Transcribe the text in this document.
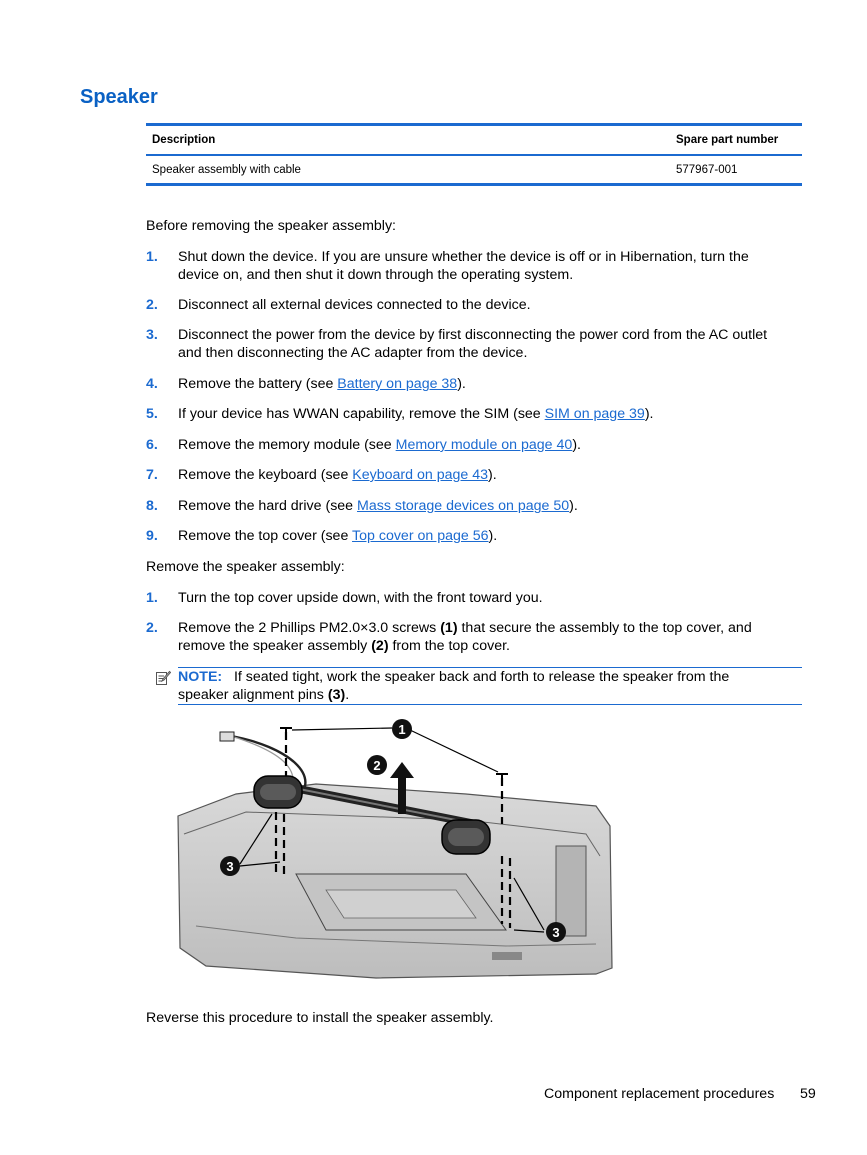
Speaker
Description	Spare part number
Speaker assembly with cable	577967-001
Before removing the speaker assembly:
1. Shut down the device. If you are unsure whether the device is off or in Hibernation, turn the
device on, and then shut it down through the operating system.
2. Disconnect all external devices connected to the device.
3. Disconnect the power from the device by first disconnecting the power cord from the AC outlet
and then disconnecting the AC adapter from the device.
4. Remove the battery (see Battery on page 38).
5. If your device has WWAN capability, remove the SIM (see SIM on page 39).
6. Remove the memory module (see Memory module on page 40).
7. Remove the keyboard (see Keyboard on page 43).
8. Remove the hard drive (see Mass storage devices on page 50).
9. Remove the top cover (see Top cover on page 56).
Remove the speaker assembly:
1. Turn the top cover upside down, with the front toward you.
2. Remove the 2 Phillips PM2.0×3.0 screws (1) that secure the assembly to the top cover, and
remove the speaker assembly (2) from the top cover.
NOTE: If seated tight, work the speaker back and forth to release the speaker from the
speaker alignment pins (3).
1
2
3
3
Reverse this procedure to install the speaker assembly.
Component replacement procedures 59
